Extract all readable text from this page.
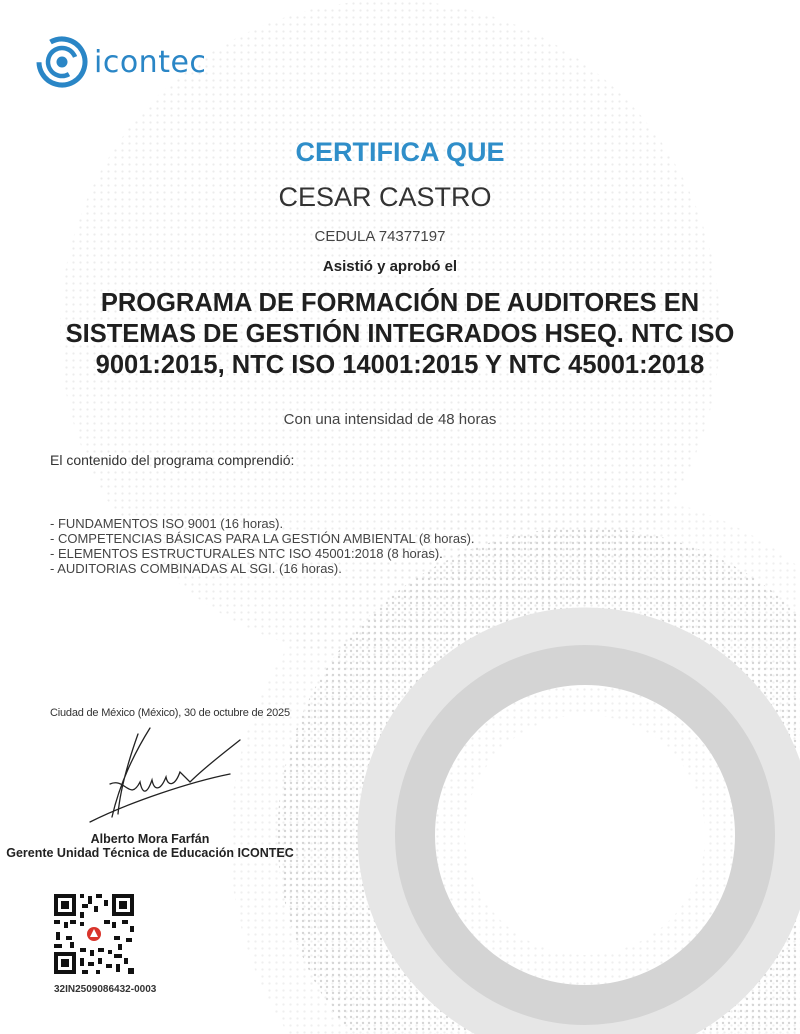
icontec
CERTIFICA QUE
CESAR CASTRO
CEDULA 74377197
Asistió y aprobó el
PROGRAMA DE FORMACIÓN DE AUDITORES EN
SISTEMAS DE GESTIÓN INTEGRADOS HSEQ. NTC ISO
9001:2015, NTC ISO 14001:2015 Y NTC 45001:2018
Con una intensidad de 48 horas
El contenido del programa comprendió:
- FUNDAMENTOS ISO 9001 (16 horas).
- COMPETENCIAS BÁSICAS PARA LA GESTIÓN AMBIENTAL (8 horas).
- ELEMENTOS ESTRUCTURALES NTC ISO 45001:2018 (8 horas).
- AUDITORIAS COMBINADAS AL SGI. (16 horas).
Ciudad de México (México), 30 de octubre de 2025
Alberto Mora Farfán
Gerente Unidad Técnica de Educación ICONTEC
32IN2509086432-0003
